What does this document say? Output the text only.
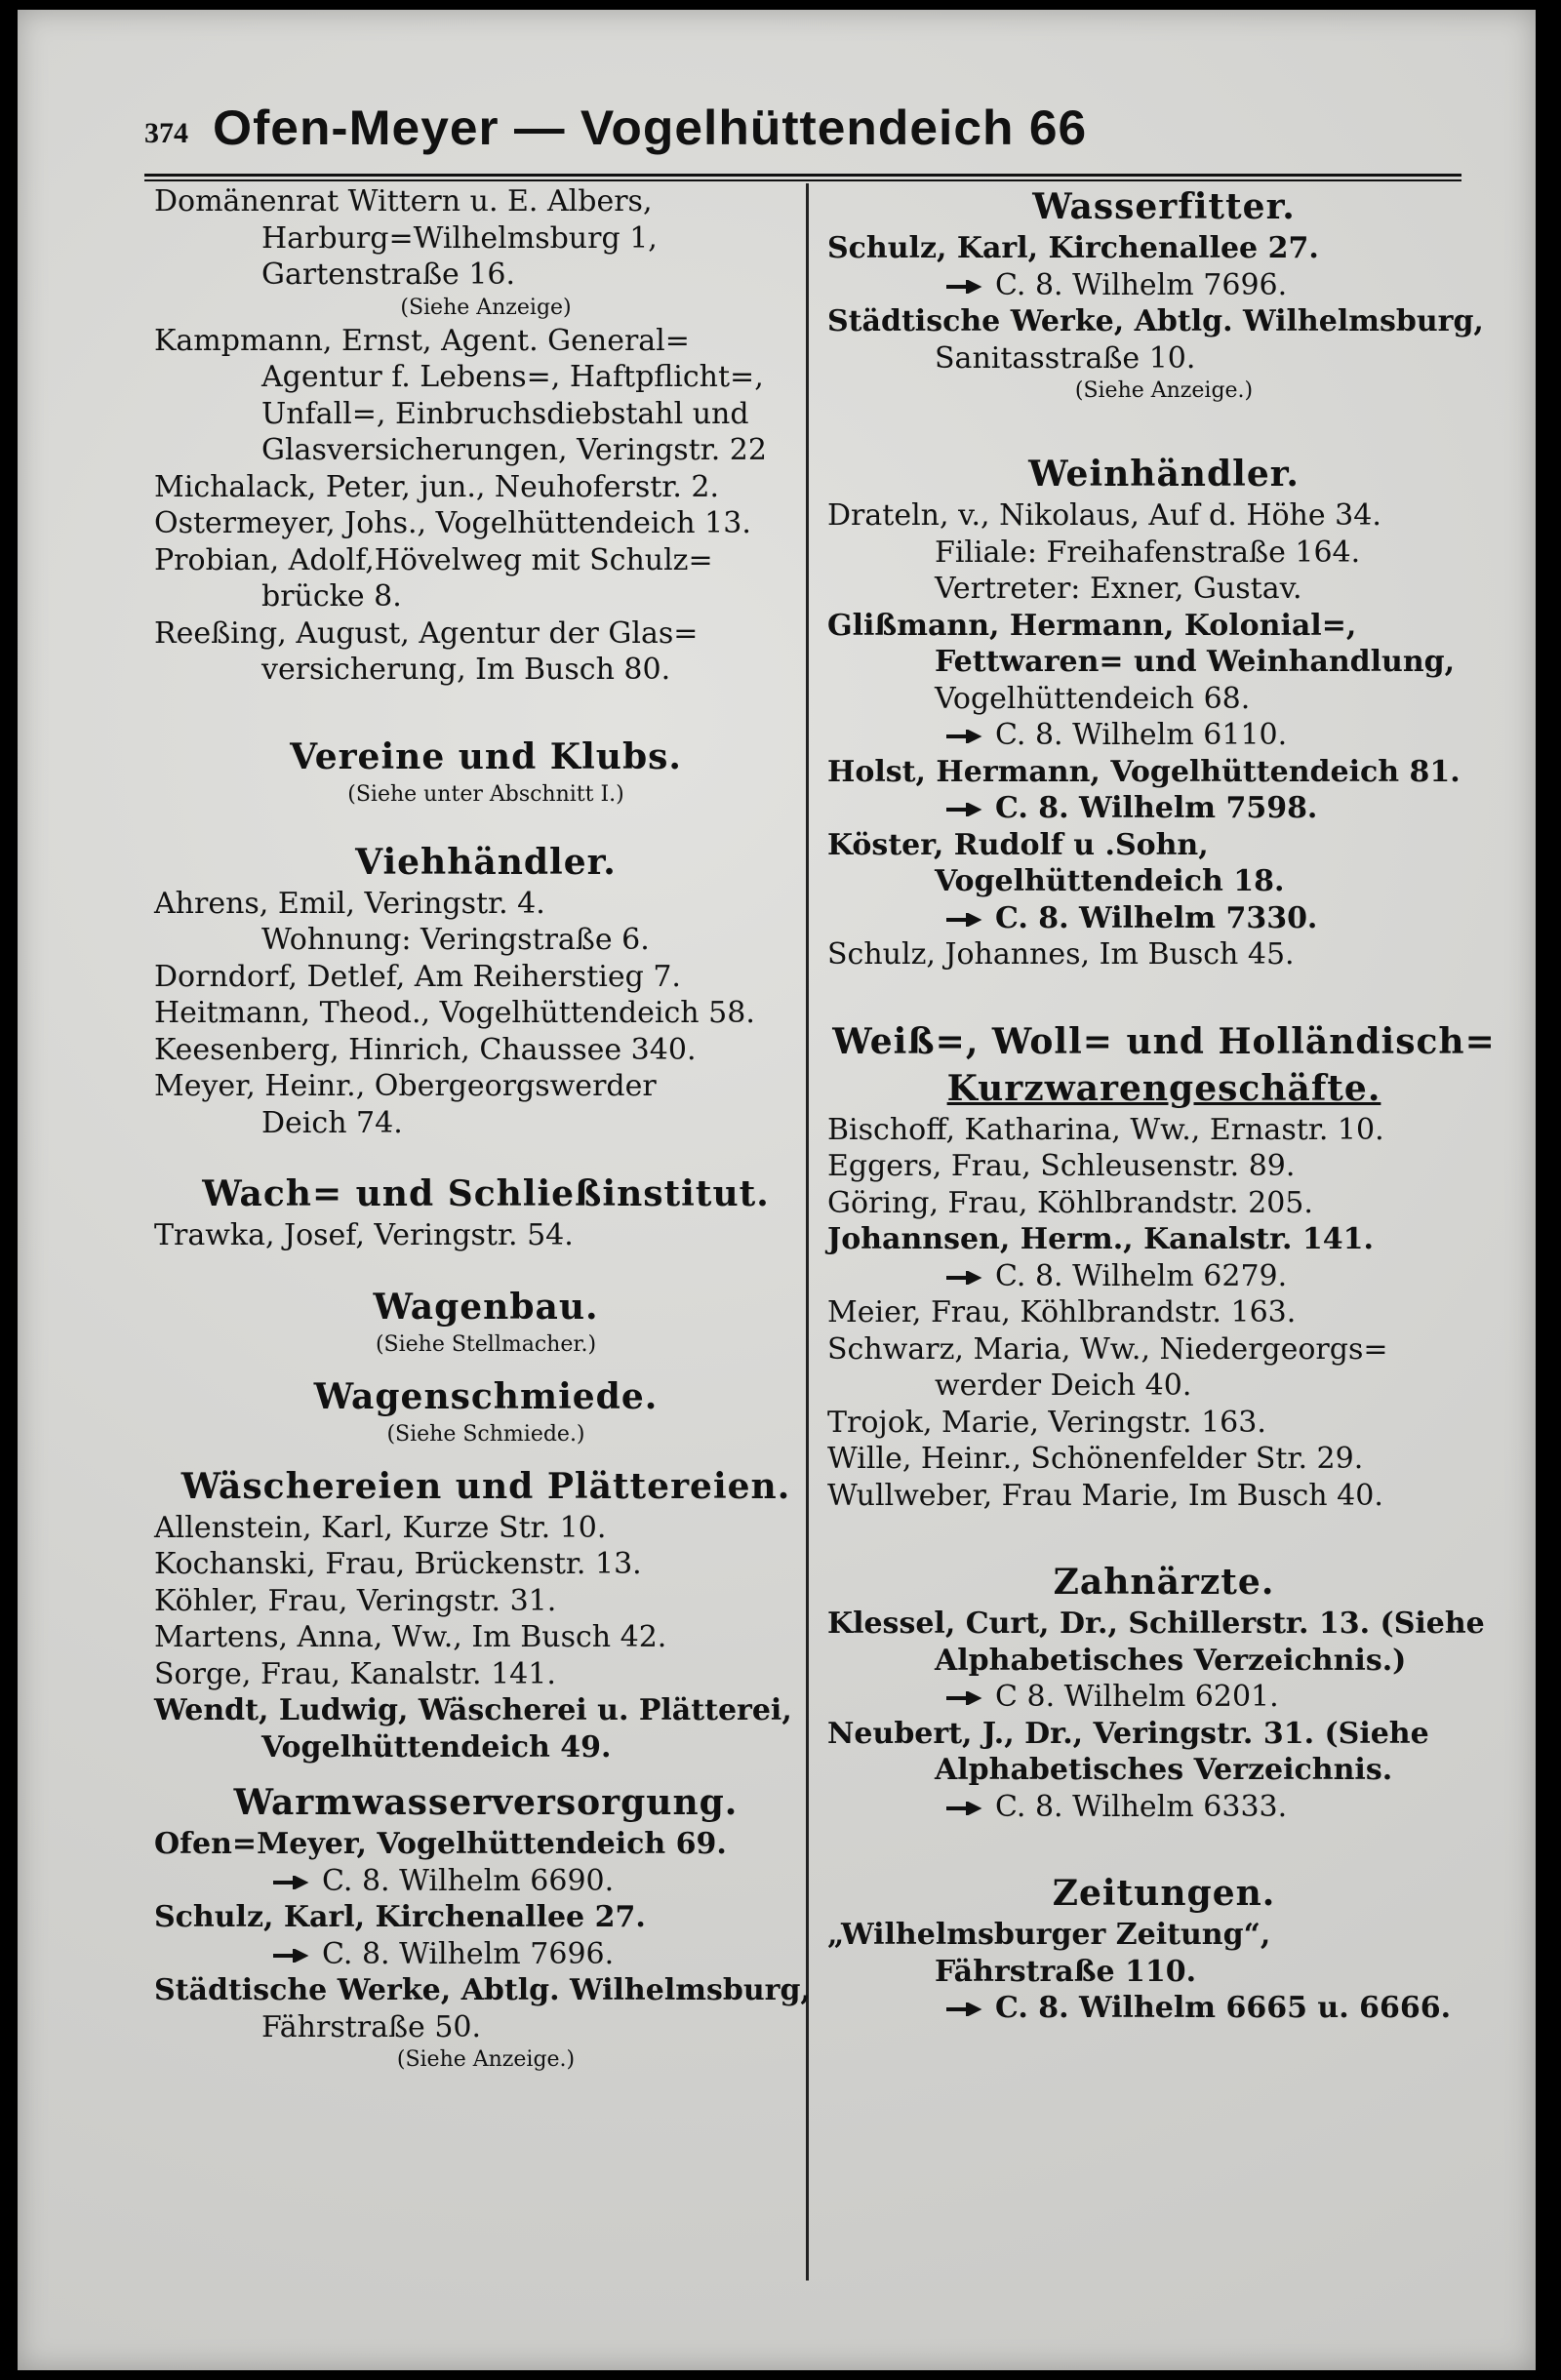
374 Ofen-Meyer — Vogelhüttendeich 66
Domänenrat Wittern u. E. Albers,
Harburg=Wilhelmsburg 1,
Gartenstraße 16.
(Siehe Anzeige)
Kampmann, Ernst, Agent. General=
Agentur f. Lebens=, Haftpflicht=,
Unfall=, Einbruchsdiebstahl und
Glasversicherungen, Veringstr. 22
Michalack, Peter, jun., Neuhoferstr. 2.
Ostermeyer, Johs., Vogelhüttendeich 13.
Probian, Adolf,Hövelweg mit Schulz=
brücke 8.
Reeßing, August, Agentur der Glas=
versicherung, Im Busch 80.
Vereine und Klubs.
(Siehe unter Abschnitt I.)
Viehhändler.
Ahrens, Emil, Veringstr. 4.
Wohnung: Veringstraße 6.
Dorndorf, Detlef, Am Reiherstieg 7.
Heitmann, Theod., Vogelhüttendeich 58.
Keesenberg, Hinrich, Chaussee 340.
Meyer, Heinr., Obergeorgswerder
Deich 74.
Wach= und Schließinstitut.
Trawka, Josef, Veringstr. 54.
Wagenbau.
(Siehe Stellmacher.)
Wagenschmiede.
(Siehe Schmiede.)
Wäschereien und Plättereien.
Allenstein, Karl, Kurze Str. 10.
Kochanski, Frau, Brückenstr. 13.
Köhler, Frau, Veringstr. 31.
Martens, Anna, Ww., Im Busch 42.
Sorge, Frau, Kanalstr. 141.
Wendt, Ludwig, Wäscherei u. Plätterei,
Vogelhüttendeich 49.
Warmwasserversorgung.
Ofen=Meyer, Vogelhüttendeich 69.
C. 8. Wilhelm 6690.
Schulz, Karl, Kirchenallee 27.
C. 8. Wilhelm 7696.
Städtische Werke, Abtlg. Wilhelmsburg,
Fährstraße 50.
(Siehe Anzeige.)
Wasserfitter.
Schulz, Karl, Kirchenallee 27.
C. 8. Wilhelm 7696.
Städtische Werke, Abtlg. Wilhelmsburg,
Sanitasstraße 10.
(Siehe Anzeige.)
Weinhändler.
Drateln, v., Nikolaus, Auf d. Höhe 34.
Filiale: Freihafenstraße 164.
Vertreter: Exner, Gustav.
Glißmann, Hermann, Kolonial=,
Fettwaren= und Weinhandlung,
Vogelhüttendeich 68.
C. 8. Wilhelm 6110.
Holst, Hermann, Vogelhüttendeich 81.
C. 8. Wilhelm 7598.
Köster, Rudolf u .Sohn,
Vogelhüttendeich 18.
C. 8. Wilhelm 7330.
Schulz, Johannes, Im Busch 45.
Weiß=, Woll= und Holländisch=
Kurzwarengeschäfte.
Bischoff, Katharina, Ww., Ernastr. 10.
Eggers, Frau, Schleusenstr. 89.
Göring, Frau, Köhlbrandstr. 205.
Johannsen, Herm., Kanalstr. 141.
C. 8. Wilhelm 6279.
Meier, Frau, Köhlbrandstr. 163.
Schwarz, Maria, Ww., Niedergeorgs=
werder Deich 40.
Trojok, Marie, Veringstr. 163.
Wille, Heinr., Schönenfelder Str. 29.
Wullweber, Frau Marie, Im Busch 40.
Zahnärzte.
Klessel, Curt, Dr., Schillerstr. 13. (Siehe
Alphabetisches Verzeichnis.)
C 8. Wilhelm 6201.
Neubert, J., Dr., Veringstr. 31. (Siehe
Alphabetisches Verzeichnis.
C. 8. Wilhelm 6333.
Zeitungen.
„Wilhelmsburger Zeitung“,
Fährstraße 110.
C. 8. Wilhelm 6665 u. 6666.
